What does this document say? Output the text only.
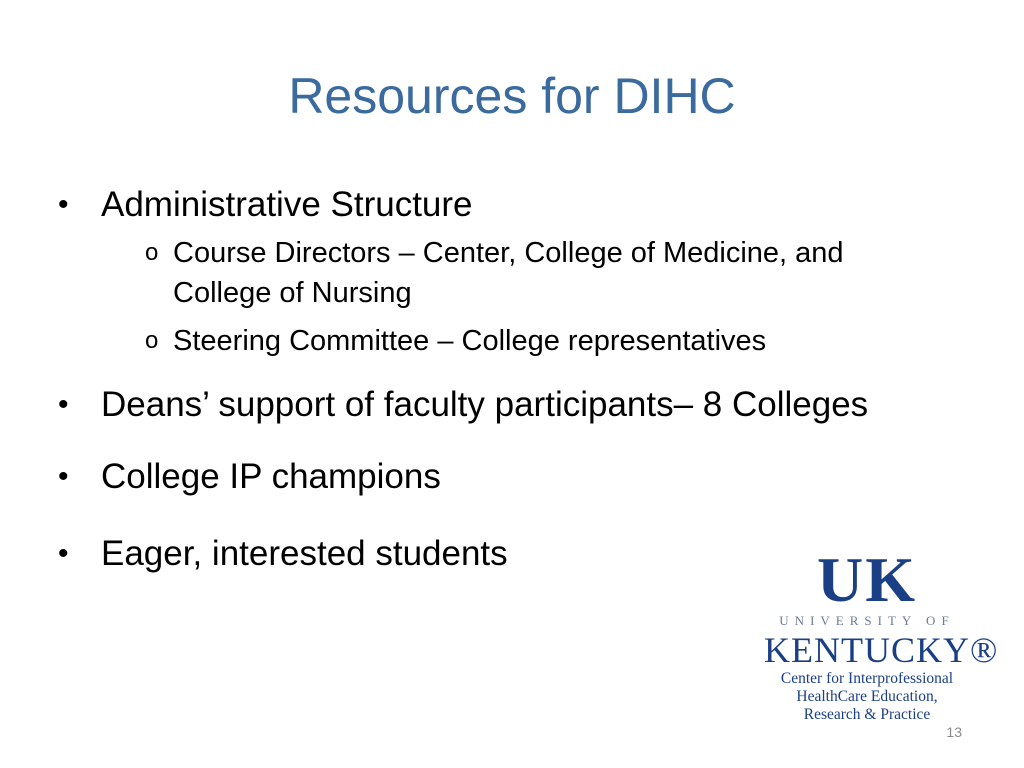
Resources for DIHC
• Administrative Structure
o Course Directors – Center, College of Medicine, and College of Nursing
o Steering Committee – College representatives
• Deans’ support of faculty participants– 8 Colleges
• College IP champions
• Eager, interested students	UK
UNIVERSITY OF
KENTUCKY®
Center for Interprofessional
HealthCare Education,
Research & Practice
13
